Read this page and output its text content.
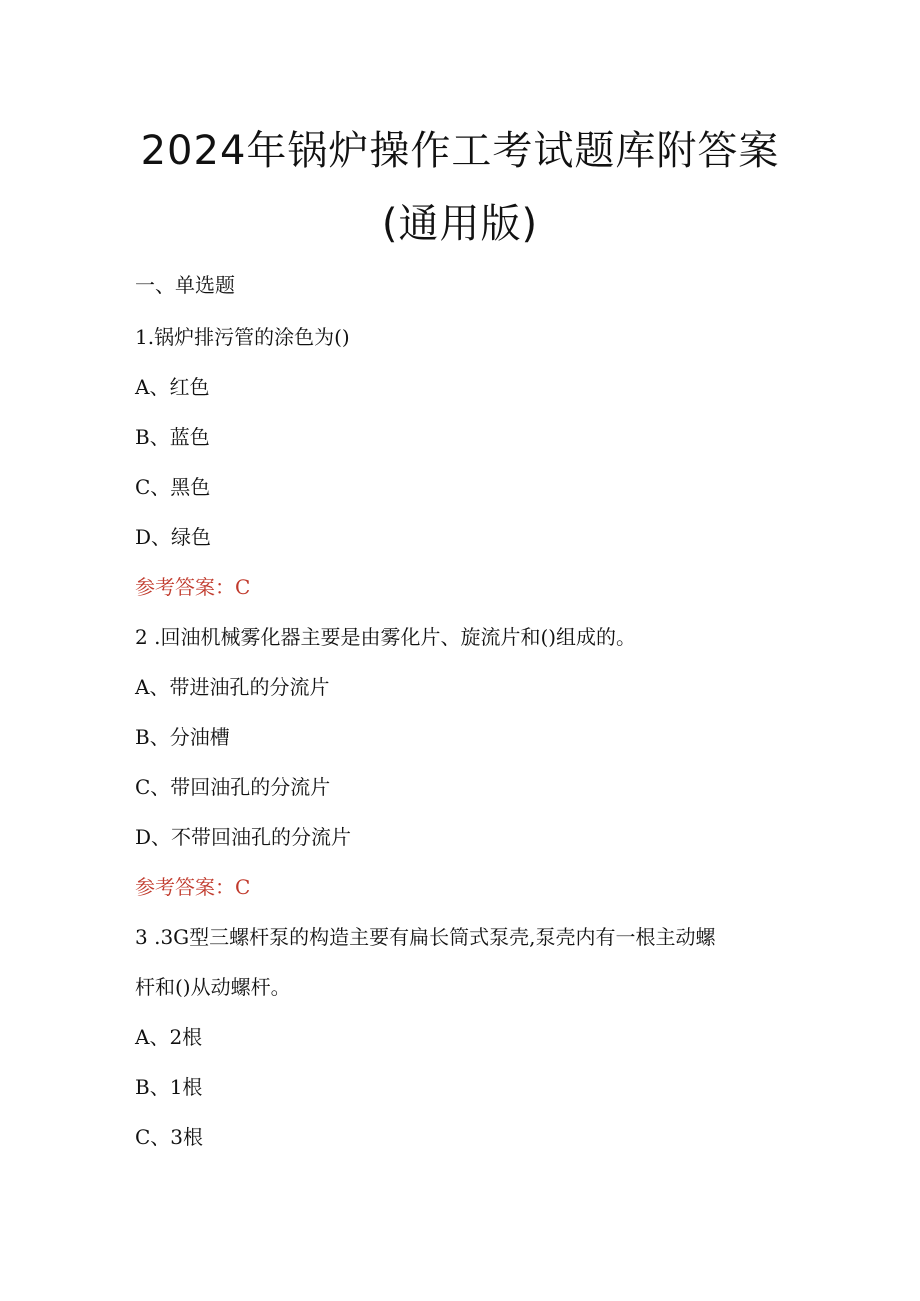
2024年锅炉操作工考试题库附答案
(通用版)

一、单选题

1.锅炉排污管的涂色为()

A、红色

B、蓝色

C、黑色

D、绿色

参考答案：C

2 .回油机械雾化器主要是由雾化片、旋流片和()组成的。

A、带进油孔的分流片

B、分油槽

C、带回油孔的分流片

D、不带回油孔的分流片

参考答案：C

3 .3G型三螺杆泵的构造主要有扁长筒式泵壳,泵壳内有一根主动螺

杆和()从动螺杆。

A、2根

B、1根

C、3根
